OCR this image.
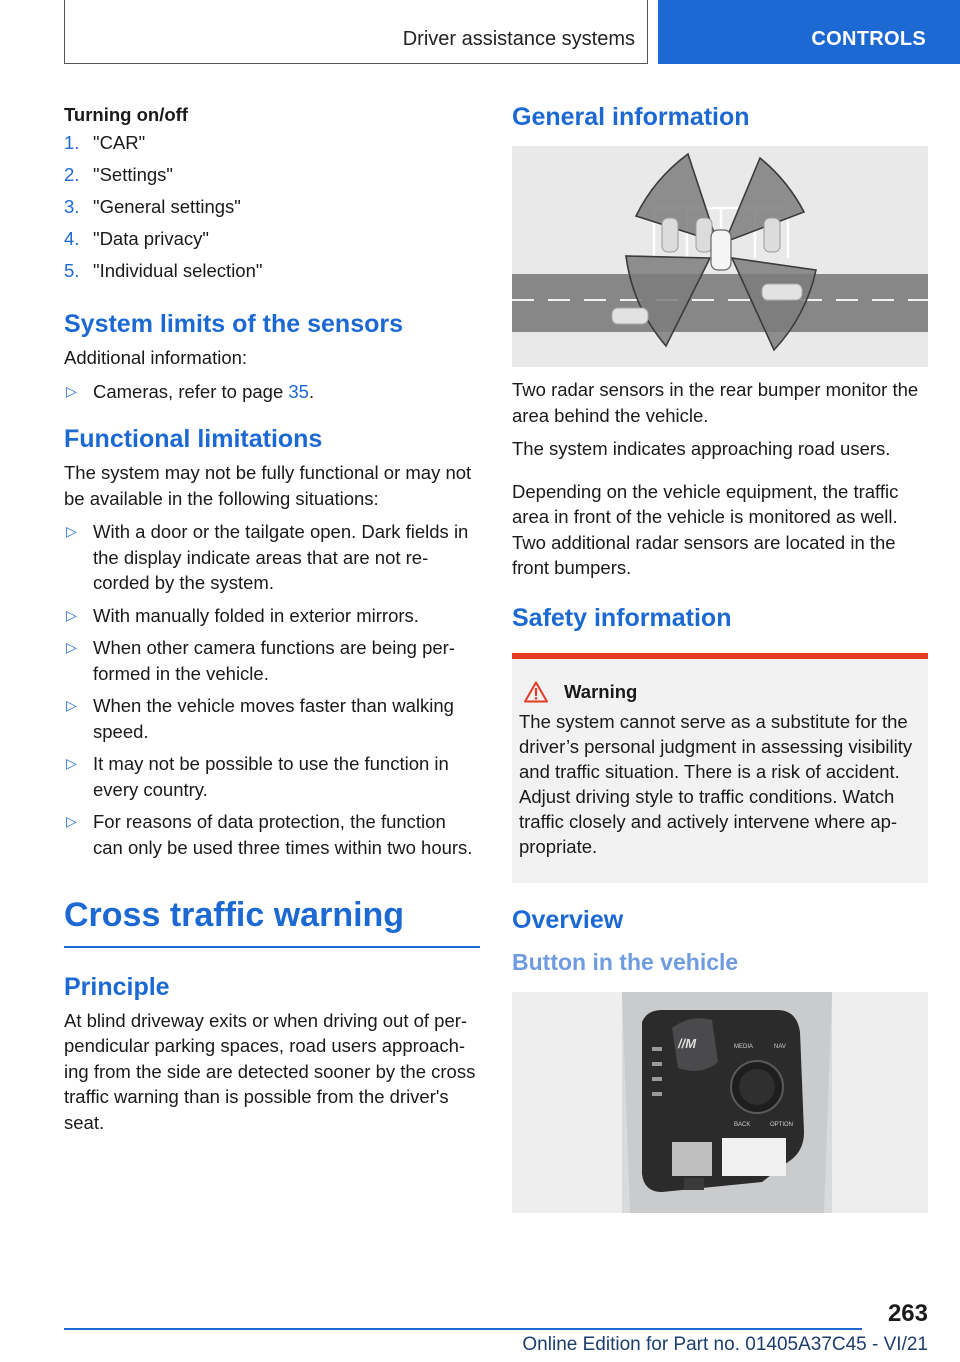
Driver assistance systems	CONTROLS
Turning on/off
1. "CAR"
2. "Settings"
3. "General settings"
4. "Data privacy"
5. "Individual selection"
System limits of the sensors

Additional information:

▷ Cameras, refer to page 35.
Functional limitations

The system may not be fully functional or may not be available in the following situations:

▷ With a door or the tailgate open. Dark fields in the display indicate areas that are not re‐ corded by the system.
▷ With manually folded in exterior mirrors.
▷ When other camera functions are being per‐ formed in the vehicle.
▷ When the vehicle moves faster than walking speed.
▷ It may not be possible to use the function in every country.
▷ For reasons of data protection, the function can only be used three times within two hours.
Cross traffic warning
Principle

At blind driveway exits or when driving out of per‐ pendicular parking spaces, road users approach‐ ing from the side are detected sooner by the cross traffic warning than is possible from the driver's seat.

General information

Two radar sensors in the rear bumper monitor the area behind the vehicle.

The system indicates approaching road users.

Depending on the vehicle equipment, the traffic area in front of the vehicle is monitored as well. Two additional radar sensors are located in the front bumpers.

Safety information
Warning

The system cannot serve as a substitute for the driver’s personal judgment in assessing visibility and traffic situation. There is a risk of accident. Adjust driving style to traffic conditions. Watch traffic closely and actively intervene where ap‐ propriate.

Overview
Button in the vehicle
//M	MEDIA	NAV
BACK	OPTION
263
Online Edition for Part no. 01405A37C45 - VI/21
